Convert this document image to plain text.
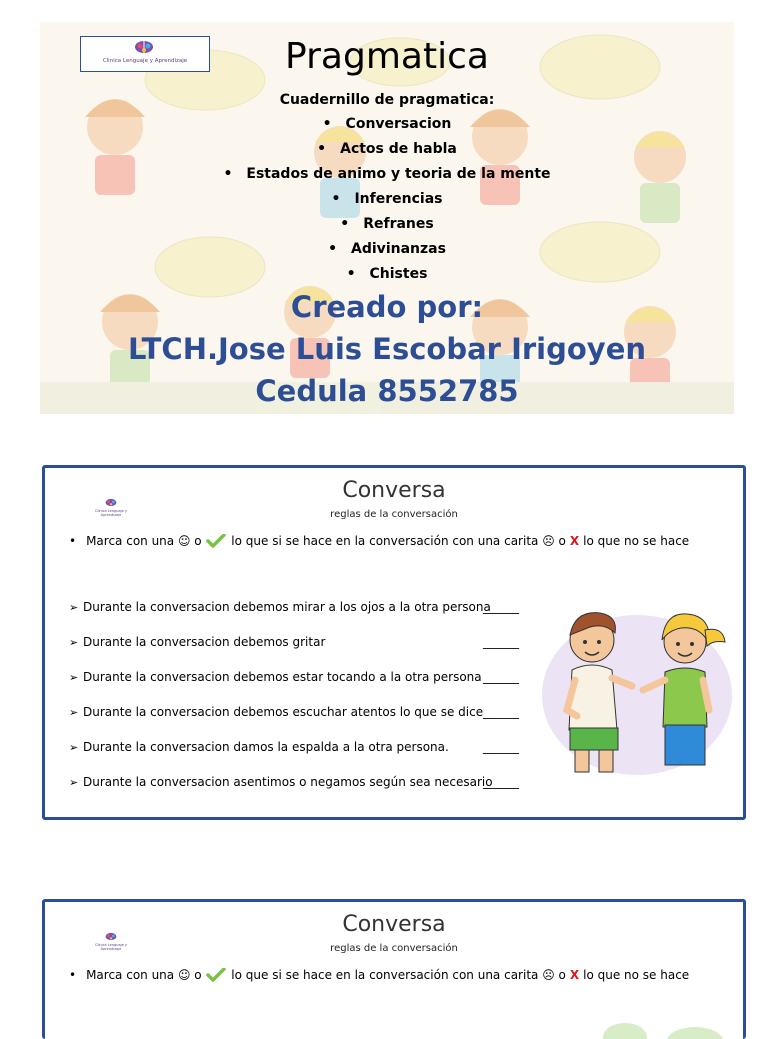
Clinica Lenguaje y Aprendizaje	Pragmatica
Cuadernillo de pragmatica:
• Conversacion
• Actos de habla
• Estados de animo y teoria de la mente
• Inferencias
• Refranes
• Adivinanzas
• Chistes
Creado por:
LTCH.Jose Luis Escobar Irigoyen
Cedula 8552785
Clinica Lenguaje y Aprendizaje
Conversa
reglas de la conversación
• Marca con una ☺ o lo que si se hace en la conversación con una carita ☹ o X lo que no se hace
➢ Durante la conversacion debemos mirar a los ojos a la otra persona
______
➢ Durante la conversacion debemos gritar	______
➢ Durante la conversacion debemos estar tocando a la otra persona ______
➢ Durante la conversacion debemos escuchar atentos lo que se dice ______
➢ Durante la conversacion damos la espalda a la otra persona.	______
➢ Durante la conversacion asentimos o negamos según sea necesario
______
Clinica Lenguaje y Aprendizaje
Conversa
reglas de la conversación
• Marca con una ☺ o lo que si se hace en la conversación con una carita ☹ o X lo que no se hace
